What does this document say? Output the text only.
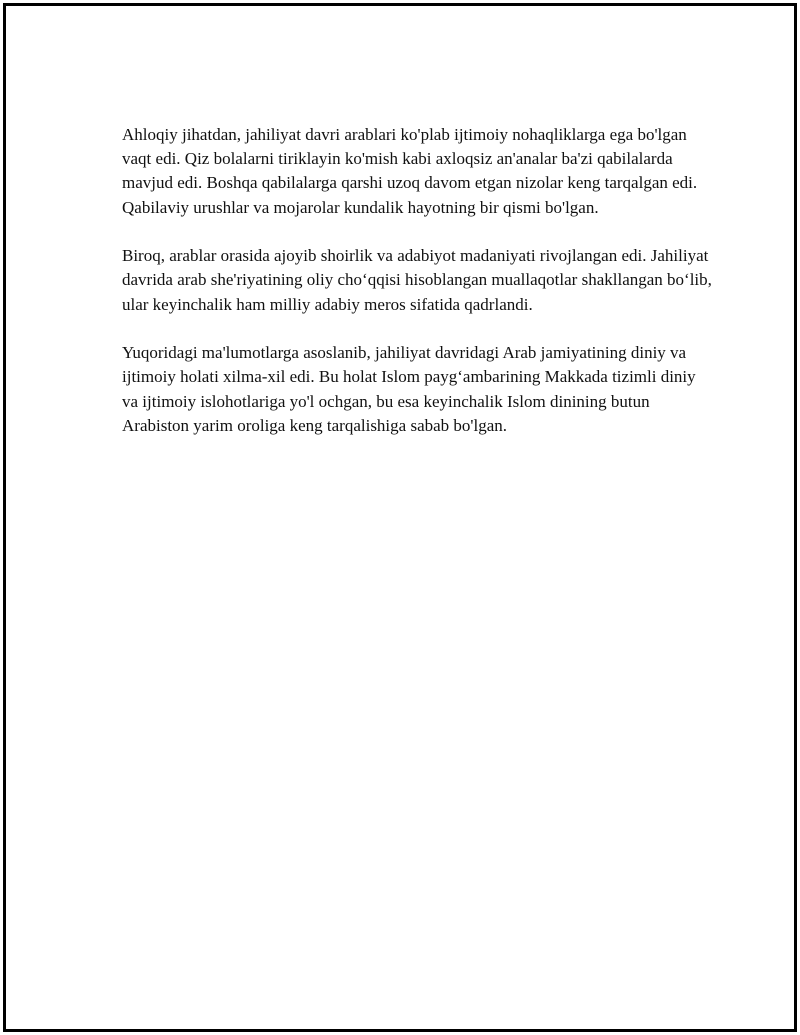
Ahloqiy jihatdan, jahiliyat davri arablari ko'plab ijtimoiy nohaqliklarga ega bo'lgan vaqt edi. Qiz bolalarni tiriklayin ko'mish kabi axloqsiz an'analar ba'zi qabilalarda mavjud edi. Boshqa qabilalarga qarshi uzoq davom etgan nizolar keng tarqalgan edi. Qabilaviy urushlar va mojarolar kundalik hayotning bir qismi bo'lgan.

Biroq, arablar orasida ajoyib shoirlik va adabiyot madaniyati rivojlangan edi. Jahiliyat davrida arab she'riyatining oliy cho‘qqisi hisoblangan muallaqotlar shakllangan bo‘lib, ular keyinchalik ham milliy adabiy meros sifatida qadrlandi.

Yuqoridagi ma'lumotlarga asoslanib, jahiliyat davridagi Arab jamiyatining diniy va ijtimoiy holati xilma-xil edi. Bu holat Islom payg‘ambarining Makkada tizimli diniy va ijtimoiy islohotlariga yo'l ochgan, bu esa keyinchalik Islom dinining butun Arabiston yarim oroliga keng tarqalishiga sabab bo'lgan.
